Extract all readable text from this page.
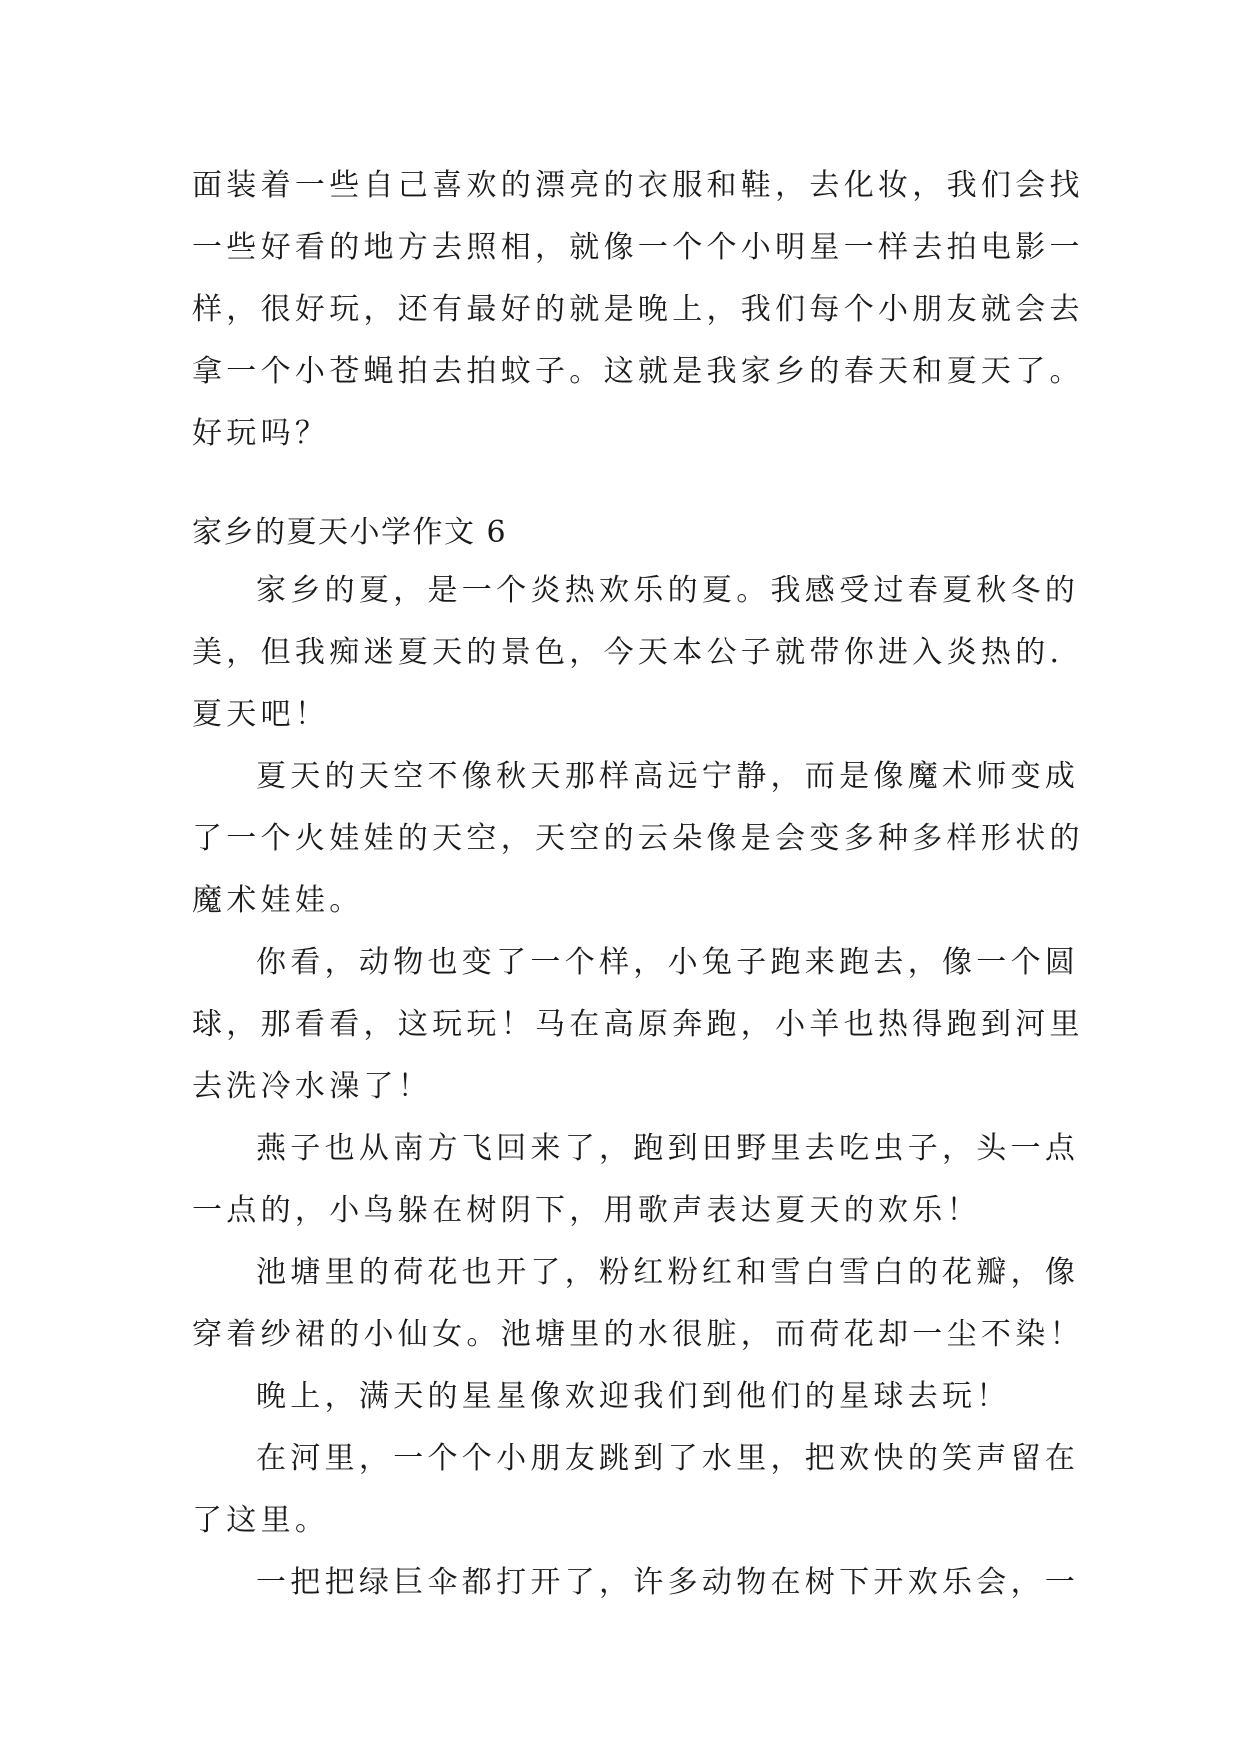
面装着一些自己喜欢的漂亮的衣服和鞋，去化妆，我们会找
一些好看的地方去照相，就像一个个小明星一样去拍电影一
样，很好玩，还有最好的就是晚上，我们每个小朋友就会去
拿一个小苍蝇拍去拍蚊子。这就是我家乡的春天和夏天了。
好玩吗？
家乡的夏天小学作文 6
家乡的夏，是一个炎热欢乐的夏。我感受过春夏秋冬的
美，但我痴迷夏天的景色，今天本公子就带你进入炎热的.
夏天吧！
夏天的天空不像秋天那样高远宁静，而是像魔术师变成
了一个火娃娃的天空，天空的云朵像是会变多种多样形状的
魔术娃娃。
你看，动物也变了一个样，小兔子跑来跑去，像一个圆
球，那看看，这玩玩！马在高原奔跑，小羊也热得跑到河里
去洗冷水澡了！
燕子也从南方飞回来了，跑到田野里去吃虫子，头一点
一点的，小鸟躲在树阴下，用歌声表达夏天的欢乐！
池塘里的荷花也开了，粉红粉红和雪白雪白的花瓣，像
穿着纱裙的小仙女。池塘里的水很脏，而荷花却一尘不染！
晚上，满天的星星像欢迎我们到他们的星球去玩！
在河里，一个个小朋友跳到了水里，把欢快的笑声留在
了这里。
一把把绿巨伞都打开了，许多动物在树下开欢乐会，一
